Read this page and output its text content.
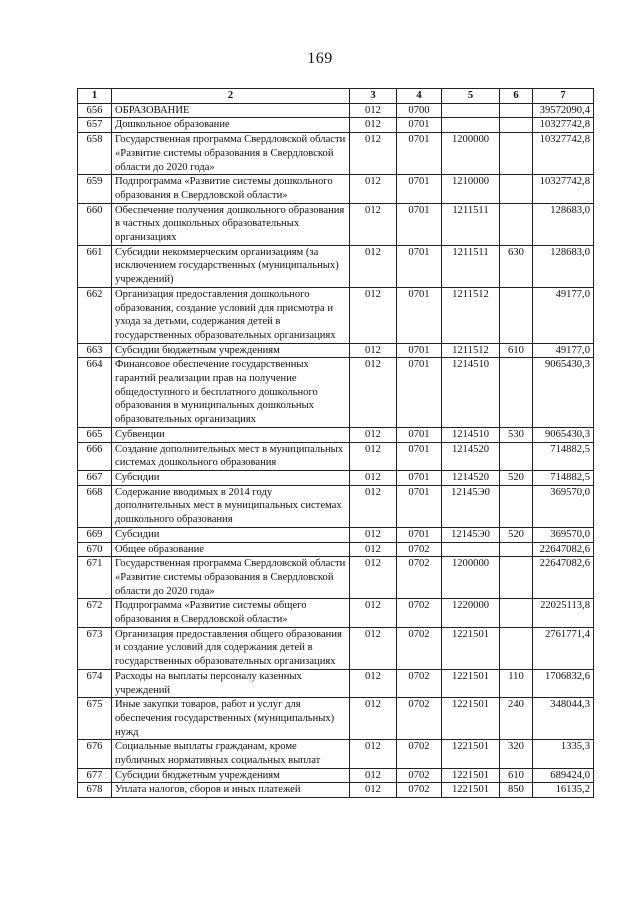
169
1	2	3	4	5	6	7
656	ОБРАЗОВАНИЕ	012	0700			39572090,4
657	Дошкольное образование	012	0701			10327742,8
658	Государственная программа Свердловской области «Развитие системы образования в Свердловской области до 2020 года»	012	0701	1200000		10327742,8
659	Подпрограмма «Развитие системы дошкольного образования в Свердловской области»	012	0701	1210000		10327742,8
660	Обеспечение получения дошкольного образования в частных дошкольных образовательных организациях	012	0701	1211511		128683,0
661	Субсидии некоммерческим организациям (за исключением государственных (муниципальных) учреждений)	012	0701	1211511	630	128683,0
662	Организация предоставления дошкольного образования, создание условий для присмотра и ухода за детьми, содержания детей в государственных образовательных организациях	012	0701	1211512		49177,0
663	Субсидии бюджетным учреждениям	012	0701	1211512	610	49177,0
664	Финансовое обеспечение государственных гарантий реализации прав на получение общедоступного и бесплатного дошкольного образования в муниципальных дошкольных образовательных организациях	012	0701	1214510		9065430,3
665	Субвенции	012	0701	1214510	530	9065430,3
666	Создание дополнительных мест в муниципальных системах дошкольного образования	012	0701	1214520		714882,5
667	Субсидии	012	0701	1214520	520	714882,5
668	Содержание вводимых в 2014 году дополнительных мест в муниципальных системах дошкольного образования	012	0701	12145Э0		369570,0
669	Субсидии	012	0701	12145Э0	520	369570,0
670	Общее образование	012	0702			22647082,6
671	Государственная программа Свердловской области «Развитие системы образования в Свердловской области до 2020 года»	012	0702	1200000		22647082,6
672	Подпрограмма «Развитие системы общего образования в Свердловской области»	012	0702	1220000		22025113,8
673	Организация предоставления общего образования и создание условий для содержания детей в государственных образовательных организациях	012	0702	1221501		2761771,4
674	Расходы на выплаты персоналу казенных учреждений	012	0702	1221501	110	1706832,6
675	Иные закупки товаров, работ и услуг для обеспечения государственных (муниципальных) нужд	012	0702	1221501	240	348044,3
676	Социальные выплаты гражданам, кроме публичных нормативных социальных выплат	012	0702	1221501	320	1335,3
677	Субсидии бюджетным учреждениям	012	0702	1221501	610	689424,0
678	Уплата налогов, сборов и иных платежей	012	0702	1221501	850	16135,2
